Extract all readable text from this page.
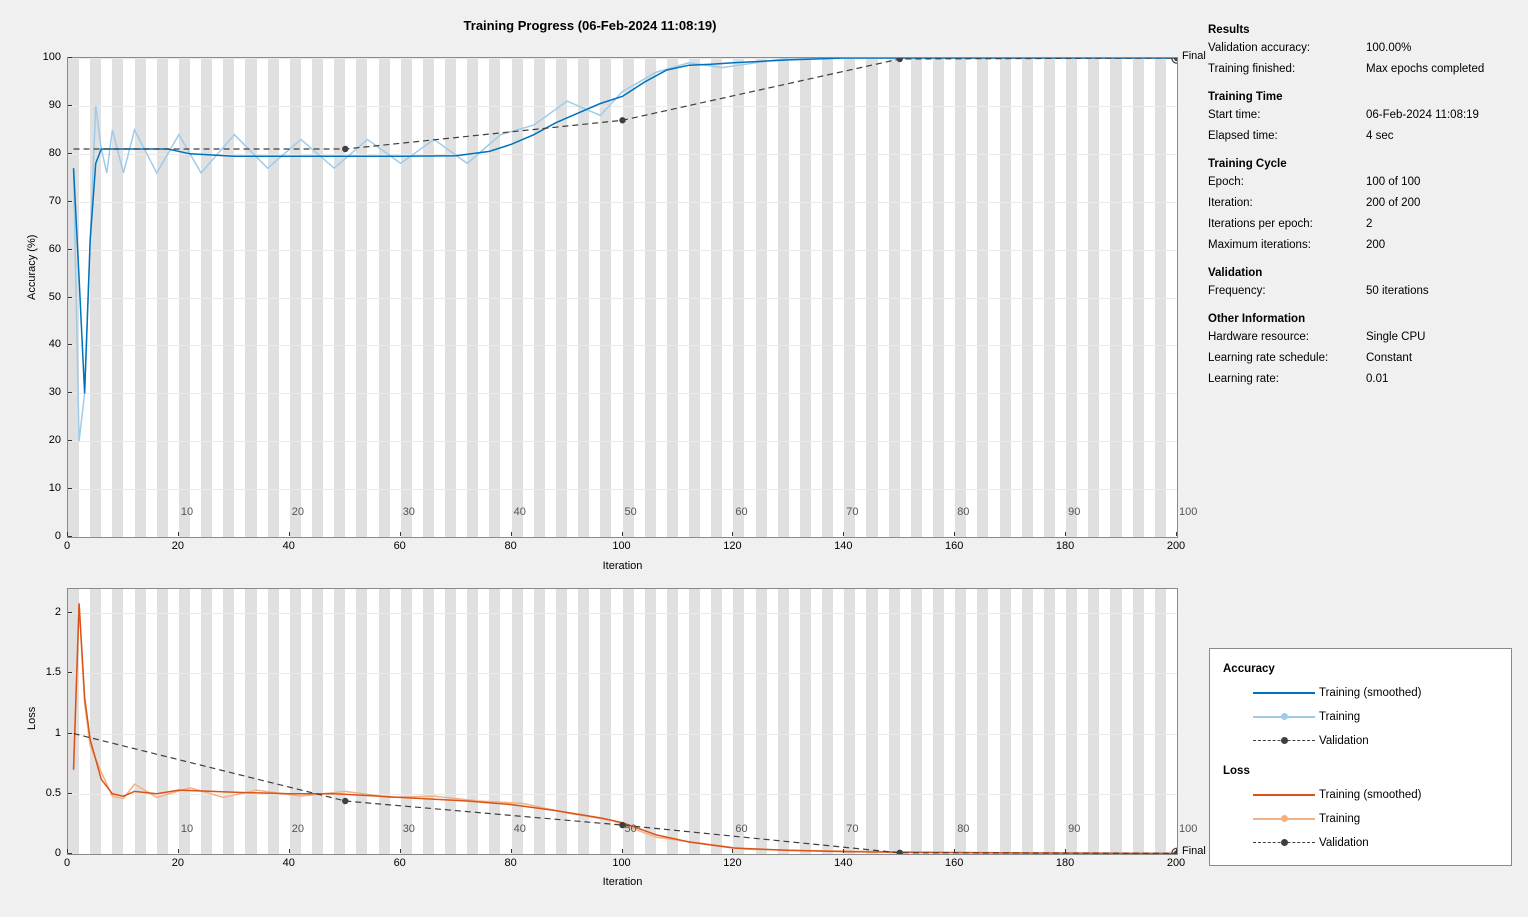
Training Progress (06-Feb-2024 11:08:19)
Accuracy (%)
Iteration
Loss
Iteration
Results
Validation accuracy:	100.00%
Training finished:	Max epochs completed
Training Time
Start time:	06-Feb-2024 11:08:19
Elapsed time:	4 sec
Training Cycle
Epoch:	100 of 100
Iteration:	200 of 200
Iterations per epoch:	2
Maximum iterations:	200
Validation
Frequency:	50 iterations
Other Information
Hardware resource:	Single CPU
Learning rate schedule:	Constant
Learning rate:	0.01
Accuracy
Training (smoothed)
Training
Validation
Loss
Training (smoothed)
Training
Validation
10	20	30	40	50	60	70	80	90	100
0	20	40	60	80	100	120	140	160	180	200
0
10
20
30
40
50
60
70
80
90
100	Final
10	20	30	40	50	60	70	80	90	100
0	20	40	60	80	100	120	140	160	180	200
0
0.5
1
1.5
2
Final
